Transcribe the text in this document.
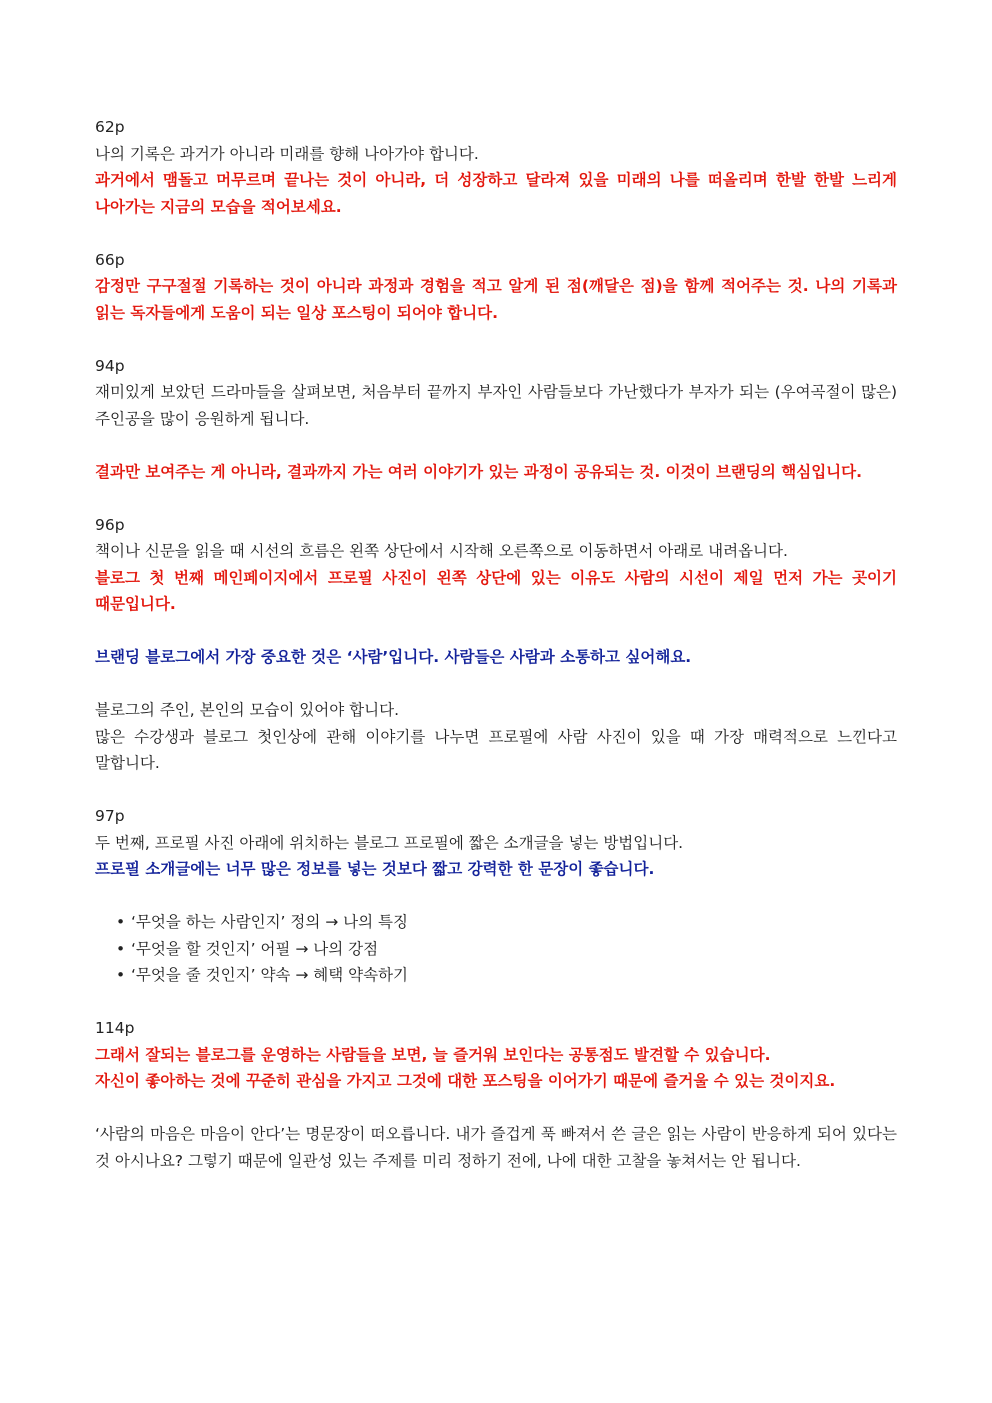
62p

나의 기록은 과거가 아니라 미래를 향해 나아가야 합니다.

과거에서 맴돌고 머무르며 끝나는 것이 아니라, 더 성장하고 달라져 있을 미래의 나를 떠올리며 한발 한발 느리게 나아가는 지금의 모습을 적어보세요.

66p

감정만 구구절절 기록하는 것이 아니라 과정과 경험을 적고 알게 된 점(깨달은 점)을 함께 적어주는 것. 나의 기록과 읽는 독자들에게 도움이 되는 일상 포스팅이 되어야 합니다.

94p

재미있게 보았던 드라마들을 살펴보면, 처음부터 끝까지 부자인 사람들보다 가난했다가 부자가 되는 (우여곡절이 많은) 주인공을 많이 응원하게 됩니다.

결과만 보여주는 게 아니라, 결과까지 가는 여러 이야기가 있는 과정이 공유되는 것. 이것이 브랜딩의 핵심입니다.

96p

책이나 신문을 읽을 때 시선의 흐름은 왼쪽 상단에서 시작해 오른쪽으로 이동하면서 아래로 내려옵니다.

블로그 첫 번째 메인페이지에서 프로필 사진이 왼쪽 상단에 있는 이유도 사람의 시선이 제일 먼저 가는 곳이기 때문입니다.

브랜딩 블로그에서 가장 중요한 것은 ‘사람’입니다. 사람들은 사람과 소통하고 싶어해요.

블로그의 주인, 본인의 모습이 있어야 합니다.

많은 수강생과 블로그 첫인상에 관해 이야기를 나누면 프로필에 사람 사진이 있을 때 가장 매력적으로 느낀다고 말합니다.

97p

두 번째, 프로필 사진 아래에 위치하는 블로그 프로필에 짧은 소개글을 넣는 방법입니다.

프로필 소개글에는 너무 많은 정보를 넣는 것보다 짧고 강력한 한 문장이 좋습니다.

• ‘무엇을 하는 사람인지’ 정의 → 나의 특징
• ‘무엇을 할 것인지’ 어필 → 나의 강점
• ‘무엇을 줄 것인지’ 약속 → 혜택 약속하기

114p

그래서 잘되는 블로그를 운영하는 사람들을 보면, 늘 즐거워 보인다는 공통점도 발견할 수 있습니다.

자신이 좋아하는 것에 꾸준히 관심을 가지고 그것에 대한 포스팅을 이어가기 때문에 즐거울 수 있는 것이지요.

‘사람의 마음은 마음이 안다’는 명문장이 떠오릅니다. 내가 즐겁게 푹 빠져서 쓴 글은 읽는 사람이 반응하게 되어 있다는 것 아시나요? 그렇기 때문에 일관성 있는 주제를 미리 정하기 전에, 나에 대한 고찰을 놓쳐서는 안 됩니다.
